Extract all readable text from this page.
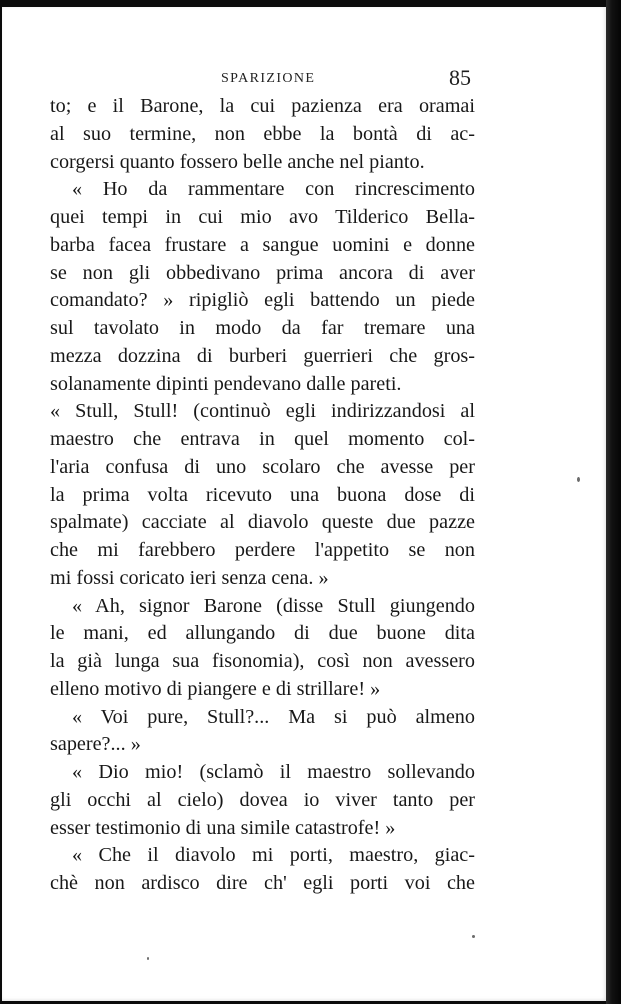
SPARIZIONE	85
to; e il Barone, la cui pazienza era oramai
al suo termine, non ebbe la bontà di ac-
corgersi quanto fossero belle anche nel pianto.
« Ho da rammentare con rincrescimento
quei tempi in cui mio avo Tilderico Bella-
barba facea frustare a sangue uomini e donne
se non gli obbedivano prima ancora di aver
comandato? » ripigliò egli battendo un piede
sul tavolato in modo da far tremare una
mezza dozzina di burberi guerrieri che gros-
solanamente dipinti pendevano dalle pareti.
« Stull, Stull! (continuò egli indirizzandosi al
maestro che entrava in quel momento col-
l'aria confusa di uno scolaro che avesse per
la prima volta ricevuto una buona dose di
spalmate) cacciate al diavolo queste due pazze
che mi farebbero perdere l'appetito se non
mi fossi coricato ieri senza cena. »
« Ah, signor Barone (disse Stull giungendo
le mani, ed allungando di due buone dita
la già lunga sua fisonomia), così non avessero
elleno motivo di piangere e di strillare! »
« Voi pure, Stull?... Ma si può almeno
sapere?... »
« Dio mio! (sclamò il maestro sollevando
gli occhi al cielo) dovea io viver tanto per
esser testimonio di una simile catastrofe! »
« Che il diavolo mi porti, maestro, giac-
chè non ardisco dire ch' egli porti voi che
